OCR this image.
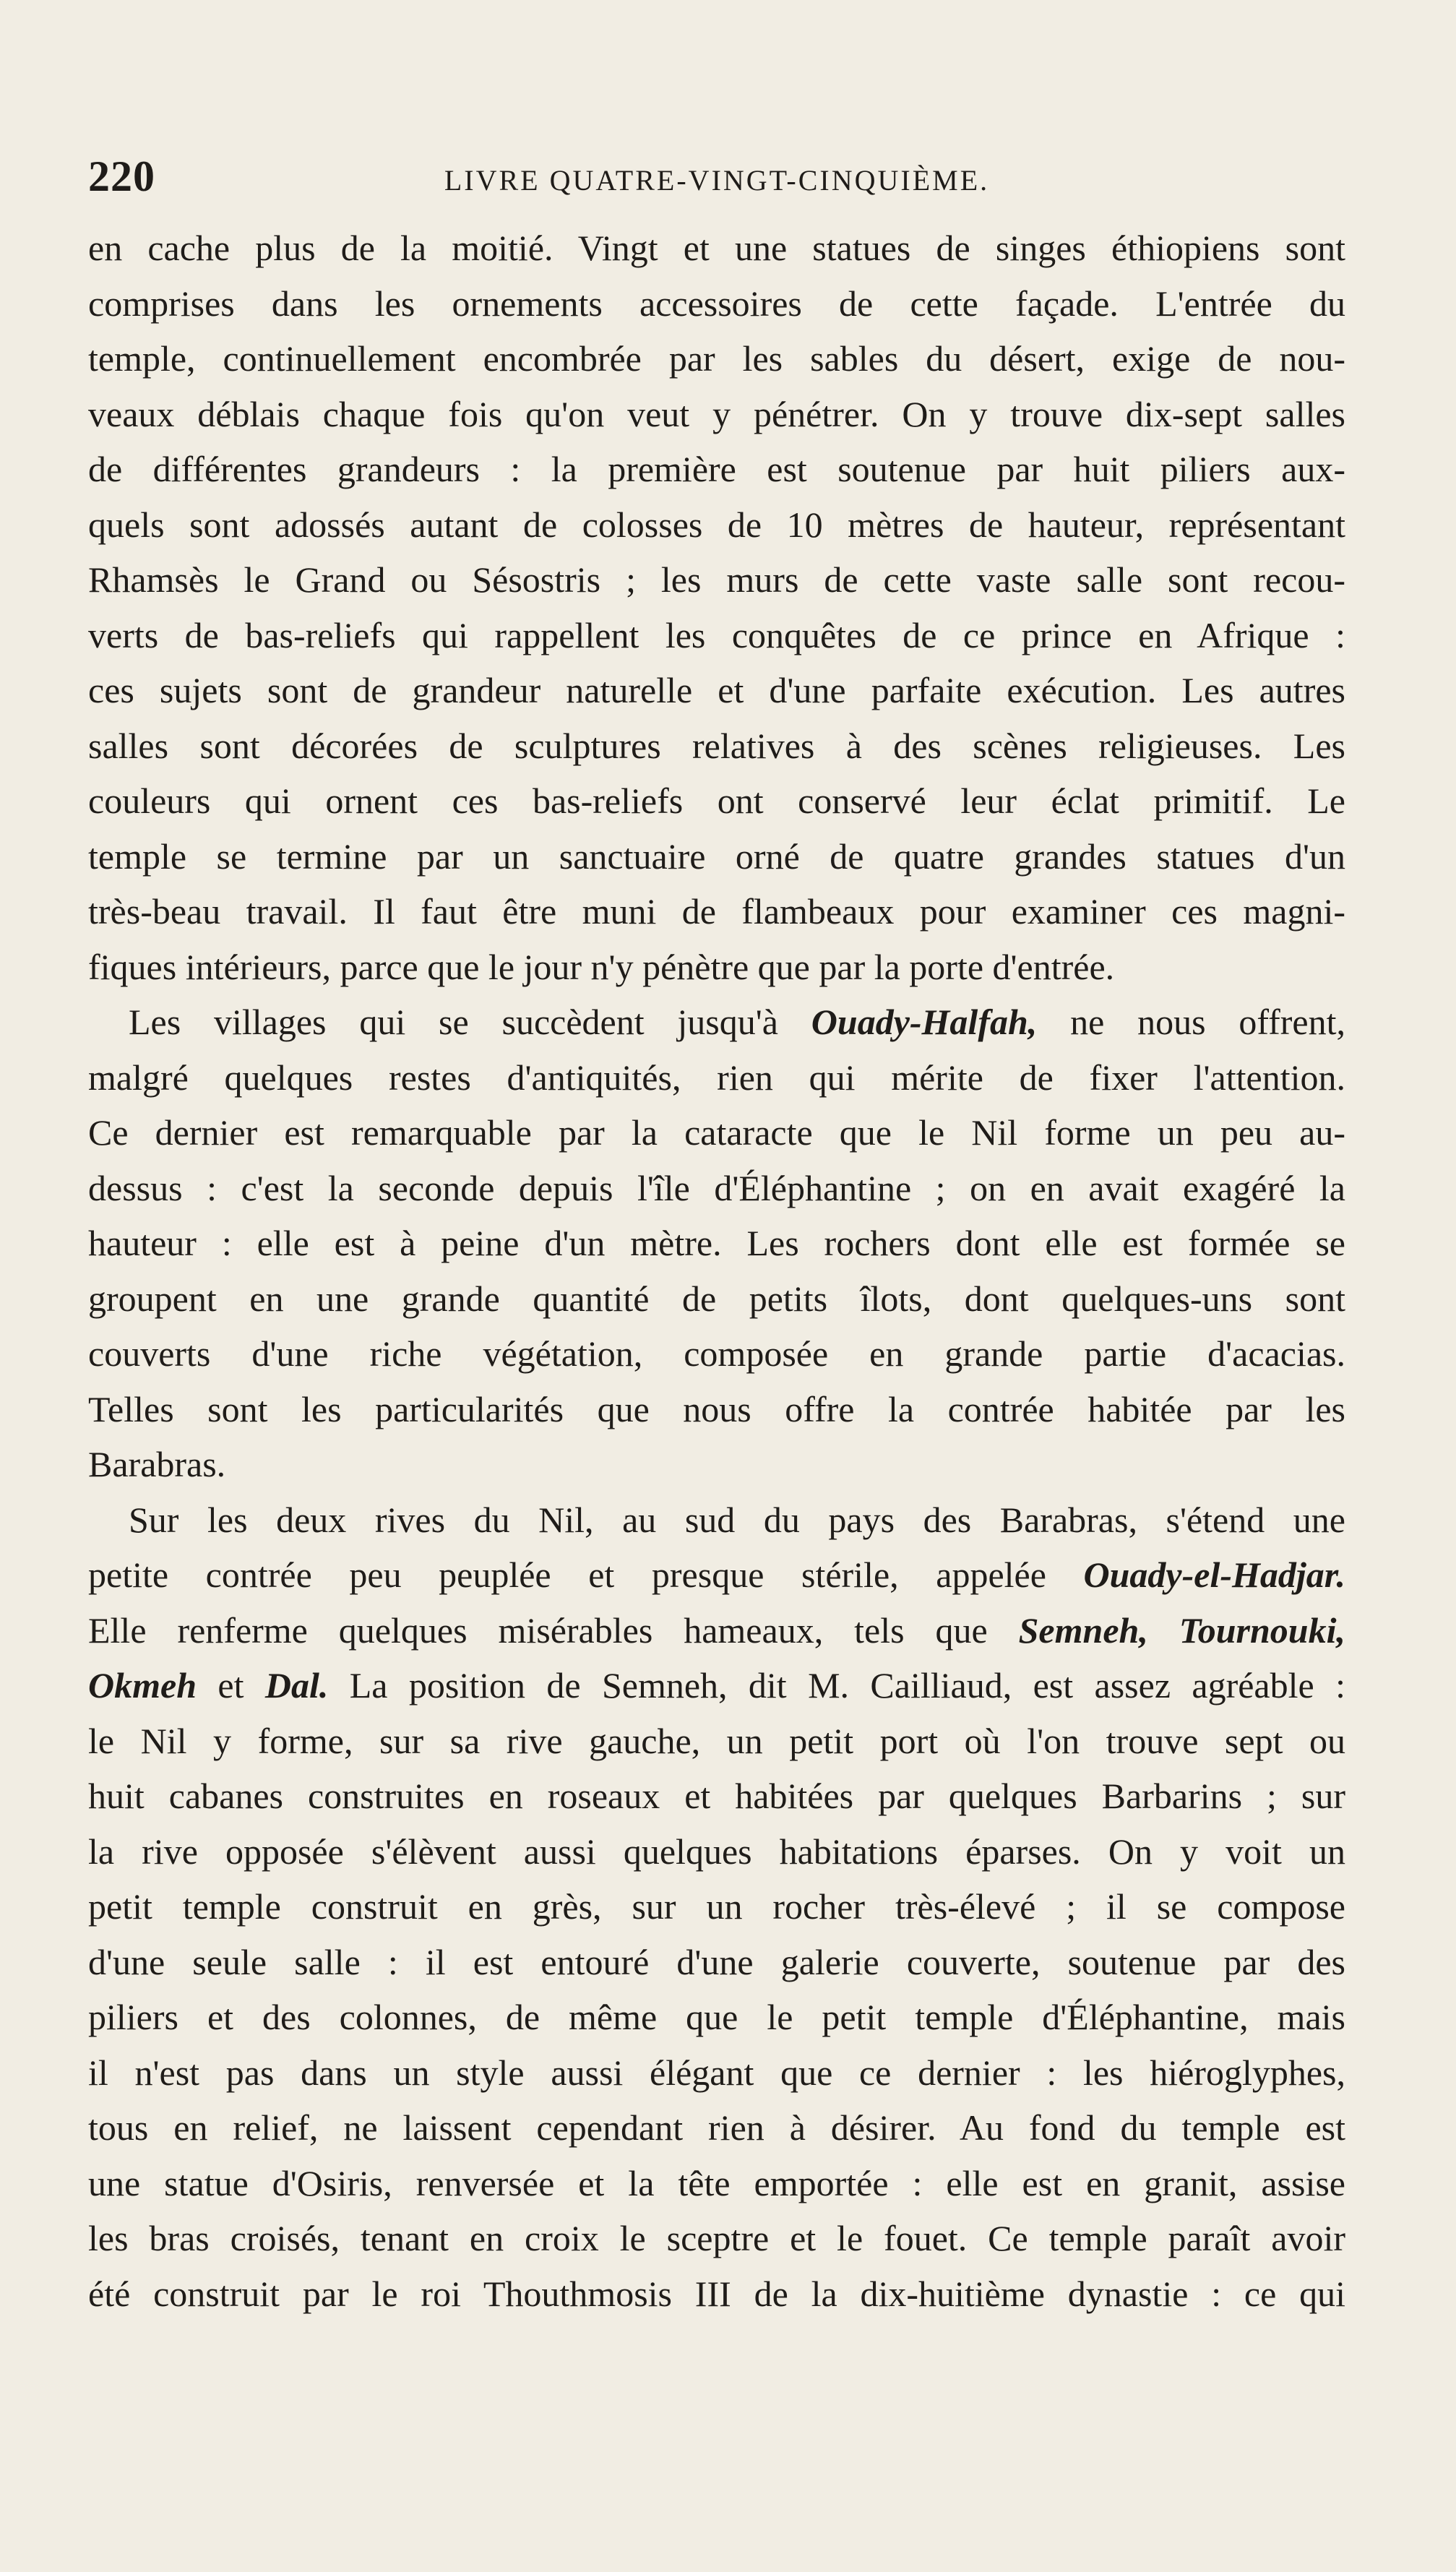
220	LIVRE QUATRE-VINGT-CINQUIÈME.
en cache plus de la moitié. Vingt et une statues de singes éthiopiens sont
comprises dans les ornements accessoires de cette façade. L'entrée du
temple, continuellement encombrée par les sables du désert, exige de nou-
veaux déblais chaque fois qu'on veut y pénétrer. On y trouve dix-sept salles
de différentes grandeurs : la première est soutenue par huit piliers aux-
quels sont adossés autant de colosses de 10 mètres de hauteur, représentant
Rhamsès le Grand ou Sésostris ; les murs de cette vaste salle sont recou-
verts de bas-reliefs qui rappellent les conquêtes de ce prince en Afrique :
ces sujets sont de grandeur naturelle et d'une parfaite exécution. Les autres
salles sont décorées de sculptures relatives à des scènes religieuses. Les
couleurs qui ornent ces bas-reliefs ont conservé leur éclat primitif. Le
temple se termine par un sanctuaire orné de quatre grandes statues d'un
très-beau travail. Il faut être muni de flambeaux pour examiner ces magni-
fiques intérieurs, parce que le jour n'y pénètre que par la porte d'entrée.
Les villages qui se succèdent jusqu'à Ouady-Halfah, ne nous offrent,
malgré quelques restes d'antiquités, rien qui mérite de fixer l'attention.
Ce dernier est remarquable par la cataracte que le Nil forme un peu au-
dessus : c'est la seconde depuis l'île d'Éléphantine ; on en avait exagéré la
hauteur : elle est à peine d'un mètre. Les rochers dont elle est formée se
groupent en une grande quantité de petits îlots, dont quelques-uns sont
couverts d'une riche végétation, composée en grande partie d'acacias.
Telles sont les particularités que nous offre la contrée habitée par les
Barabras.
Sur les deux rives du Nil, au sud du pays des Barabras, s'étend une
petite contrée peu peuplée et presque stérile, appelée Ouady-el-Hadjar.
Elle renferme quelques misérables hameaux, tels que Semneh, Tournouki,
Okmeh et Dal. La position de Semneh, dit M. Cailliaud, est assez agréable :
le Nil y forme, sur sa rive gauche, un petit port où l'on trouve sept ou
huit cabanes construites en roseaux et habitées par quelques Barbarins ; sur
la rive opposée s'élèvent aussi quelques habitations éparses. On y voit un
petit temple construit en grès, sur un rocher très-élevé ; il se compose
d'une seule salle : il est entouré d'une galerie couverte, soutenue par des
piliers et des colonnes, de même que le petit temple d'Éléphantine, mais
il n'est pas dans un style aussi élégant que ce dernier : les hiéroglyphes,
tous en relief, ne laissent cependant rien à désirer. Au fond du temple est
une statue d'Osiris, renversée et la tête emportée : elle est en granit, assise
les bras croisés, tenant en croix le sceptre et le fouet. Ce temple paraît avoir
été construit par le roi Thouthmosis III de la dix-huitième dynastie : ce qui
